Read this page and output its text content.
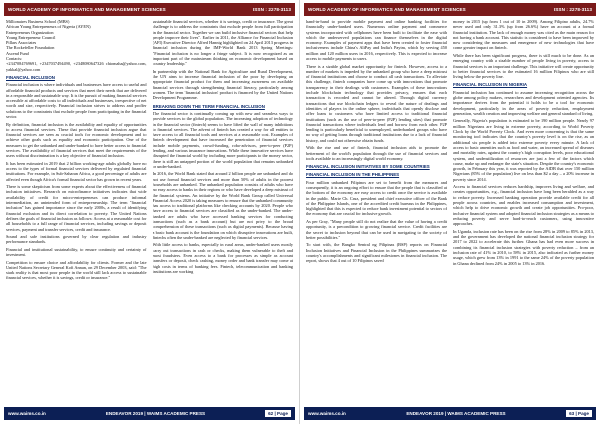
WORLD ACADEMY OF INFORMATICS AND MANAGEMENT SCIENCES	ISSN : 2278-3113
Millionaires Business School (MBS)
African Young Entrepreneurs of Nigeria (AYEN)
Entrepreneurs Organization
Young Entrepreneur Council
Pillars Associates
The Rockefeller Foundation
Ascend Fund
Contacts:
+2347084769691, +2347037494490, +2348080647326 chiomaha@yahoo.com, yakkal@yahoo.com
FINANCIAL INCLUSION

Financial inclusion is where individuals and businesses have access to useful and affordable financial products and services that meet their needs that are delivered in a responsible and sustainable way. It is the pursuit of making financial services accessible at affordable costs to all individuals and businesses, irrespective of net worth and size, respectively. Financial inclusion strives to address and proffer solutions to the constraints that exclude people from participating in the financial sector.

By definition, financial inclusion is the availability and equality of opportunities to access financial services. These that provide financial inclusion argue that financial services are seen as crucial tools for economic development and to achieve other goals such as equality and economic participation. One of the measures to get the unbanked and under-banked to have better access to financial services. The availability of financial services that meet the requirements of the users without discrimination is a key objective of financial inclusion.

It has been estimated in 2019 that 2 billion working-age adults globally have no access to the types of formal financial services delivered by regulated financial institutions. For example, in Sub-Saharan Africa, a good percentage of adults are affected even though Africa's formal financial sector has grown in recent years.

There is some skepticism from some experts about the effectiveness of financial inclusion initiatives. Research on microfinance initiatives indicates that wide availability of credit for micro-entrepreneurs can produce informal intermediation, an unintended form of entrepreneurship. The term "financial inclusion" has gained importance since the early 2000s, a result of identifying financial exclusion and its direct correlation to poverty. The United Nations defines the goals of financial inclusion as follows: Access at a reasonable cost for all households to a full range of financial services, including savings or deposit services, payment and transfer services, credit and insurance.

Sound and safe institutions governed by clear regulation and industry performance standards.

Financial and institutional sustainability, to ensure continuity and certainty of investment.

Competition to ensure choice and affordability for clients. Former and the late United Nations Secretary General Kofi Annan, on 29 December 2003, said: "The stark reality is that most poor people in the world still lack access to sustainable financial services, whether it is savings, credit or insurance."

sustainable financial services, whether it is savings, credit or insurance. The great challenge is to address the constraints that exclude people from full participation in the financial sector. Together we can build inclusive financial sectors that help people improve their lives". Earlier in 2011, the Alliance for Financial Inclusion (AFI) Executive Director Alfred Hannig highlighted on 24 April 2013 progress in financial inclusion during the IMF-World Bank 2013 Spring Meetings: "Financial inclusion is no longer a fringe subject. It is now recognized as an important part of the mainstream thinking on economic development based on country leadership."

In partnership with the National Bank for Agriculture and Rural Development, the UN aims to increase financial inclusion of the poor by developing an appropriate financial product for them and increasing awareness on available financial services through strengthening financial literacy, particularly among women. The term 'financial inclusion' product is financed by the United Nations Development Programme.

BREAKING DOWN THE TERM FINANCIAL INCLUSION

The financial sector is continually coming up with new and seamless ways to provide services to the global population. The increasing adoption of technology in the financial sector (fintech) seems to have lifted the wall of many inhibitions to financial services. The advent of fintech has created a way for all entities to have access to all financial tools and services at a reasonable cost. Examples of fintech development that have increased the penetration of financial services include mobile payments, crowd-funding, robo-advisors, peer-to-peer (P2P) lending, and various insurance innovations. While these innovative services have disrupted the financial world by including more participants to the money sector, there is still an untapped portion of the world population that remains unbanked or under-banked.

In 2016, the World Bank stated that around 2 billion people are unbanked and do not use formal financial services and more than 50% of adults in the poorest households are unbanked. The unbanked population consists of adults who have no easy access to banks in their regions or who have developed a deep mistrust of the financial systems. An initiative by the World Bank Group called Universal Financial Access 2020 is taking measures to ensure that the unbanked community has access to traditional platforms like checking accounts by 2020. People who have access to financial services are classified as the under-banked. The under-banked are adults who have accessed banking services for conducting transactions (such as a bank account) but are not privy to the broad comprehension of these transactions (such as digital payments). Because having a basic bank account is the foundation on which disruptive innovations are built, fintechs often the under-banked are neglected by financial services.

With little access to banks, especially in rural areas, under-banked users mostly carry out transactions in cash or checks, making them vulnerable to theft and most fraudsters. Even access to a bank for processes as simple as account transfers or deposit, check cashing, money order and bank transfer may come at high costs in terms of banking fees. Fintech, telecommunication and banking institutions are working

www.waims.co.in	ENDEAVOR 2019 | WAIMS ACADEMIC PRESS	62 | Page
WORLD ACADEMY OF INFORMATICS AND MANAGEMENT SCIENCES	ISSN : 2278-3113

hand-in-hand to provide mobile payment and online banking facilities for financially under-banked users. Numerous online payment and commerce systems incorporated with cellphones have been built to facilitate the ease with which the underserved populations can finance themselves in the digital economy. Examples of payment apps that have been created to foster financial inclusiveness include China's AliPay and India's Paytm, which by serving 450 million and 120 million users in 2016, respectively. This is expected to increase access to mobile payments to users.

There is a sizable global market opportunity for fintech. However, access to a number of markets is impeded by the unbanked group who have a deep mistrust of financial institutions and choose to conduct all cash transactions. To alleviate this challenge, fintech companies have come up with innovations that promote transparency in their dealings with customers. Examples of these innovations include blockchain technology that provides privacy, ensures that each transaction is recorded and cannot be altered. Through digital currency transactions that use blockchain ledgers to reveal the nature of dealings and identities of players in the online sphere, individuals that openly disclose and offer loans to customers who have limited access to traditional financial institutions (such as the use of peer-to-peer (P2P) lending sites) that promote financial transactions where individuals lend and borrow from each other. P2P lending is particularly beneficial to unemployed, underbanked groups who have no way of getting loans through traditional institutions due to a lack of financial history, and could not otherwise obtain funds.

With the rise and use of fintech, financial inclusion aids to promote the betterment of the world's population through the use of financial services and tools available to an increasingly digital world economy.

FINANCIAL INCLUSION INITIATIVES BY SOME COUNTRIES
FINANCIAL INCLUSION IN THE PHILIPPINES

Four million unbanked Filipinos are set to benefit from the measures and consequently, it is an ongoing effort to ensure that the people that is classified at the bottom of the economy are easy access to credit once the service is available in the public. Marie Ch. Cruz, president and chief executive officer of the Bank of the Philippine Islands, one of the accredited credit bureaus in the Philippines, highlighted that this is expected to reduce bank investment potential to sectors of the economy that are crucial for inclusive growth.

As per Gray, "Many people still do not realize that the value of having a credit opportunity, is a precondition to growing financial service. Credit facilities are the secret to inclusion beyond that can be used in navigating to the society of better possibilities."

To start with, the Bangko Sentral ng Pilipinas (BSP) reports on Financial Inclusion Initiatives and Financial Inclusion in the Philippines summarizes the country's accomplishments and significant milestones in financial inclusion. The report, shows that 4 out of 10 Filipinos saved

money in 2015 (up from 1 out of 10 in 2009). Among Filipino adults, 24.7% never used and only 31.3% (up from 26.6%) have an account at a formal financial institution. The lack of enough money was cited as the main reason for not having a bank account. This statistic is considered to have been improved by now considering the measures and emergence of new technologies that have come greater impact on fintech.

While there has been significant progress, there is still much to be done. As an emerging country with a sizable number of people living in poverty, access to financial services is an important challenge. This initiative will create opportunity to better financial services to the estimated 16 million Filipinos who are still living below the poverty line.

FINANCIAL INCLUSION IN NIGERIA

Financial inclusion has continued to assume increasing recognition across the globe among policy makers, researchers and development oriented agencies. Its importance derives from the potential it holds to be a tool for economic development, particularly in the areas of poverty reduction, employment generation, wealth creation and improving welfare and general standard of living.

Generally, Nigeria's population is estimated to be 190 million people. Nearly 97 million Nigerians are living in extreme poverty, according to World Poverty Clock by the World Poverty Clock. And even more concerning is that the same monitoring tool indicates that the country's poverty level is on the rise, as an additional six people is added into extreme poverty every minute. A lack of access to basic amenities such as food and water, an increased spread of diseases and mortality rates, against the country's high corruption levels, poor educational system, and underutilization of resources are just a few of the factors which cause, make up and endanger the state's situation. Despite the country's economic growth, in February this year, it was reported by the AfDB that over 150 million Nigerians (85% of the population) live on less than $2 a day – a 20% increase in poverty since 2014.

Access to financial services reduces hardship, improves living and welfare, and creates opportunities, e.g., financial inclusion have long been heralded as a way to reduce poverty. Increased banking operation provide available credit for all people across countries, and enables increased consumption and investment, which help to drive economic growth and create job opportunities. Pro-poor, inclusive financial system and adopted financial inclusion strategies as a means to reducing poverty and serve hard-to-reach customers, using innovative approaches.

In Uganda, inclusion rate has been on the rise from 28% in 2009 to 85% in 2013, and the government has developed the national financial inclusion strategy for 2017 to 2022 to accelerate this further. Ghana has had even more success in combining its financial inclusion strategies with poverty reduction – from an inclusion rate of 41% in 2010, to 58% in 2015, also indicated as further money usage, which grew from 13% in 1991 to the same 24% of the poverty population in Ghana declined from 24% in 2005 to 13% in 2016.

www.waims.co.in	ENDEAVOR 2019 | WAIMS ACADEMIC PRESS	63 | Page
